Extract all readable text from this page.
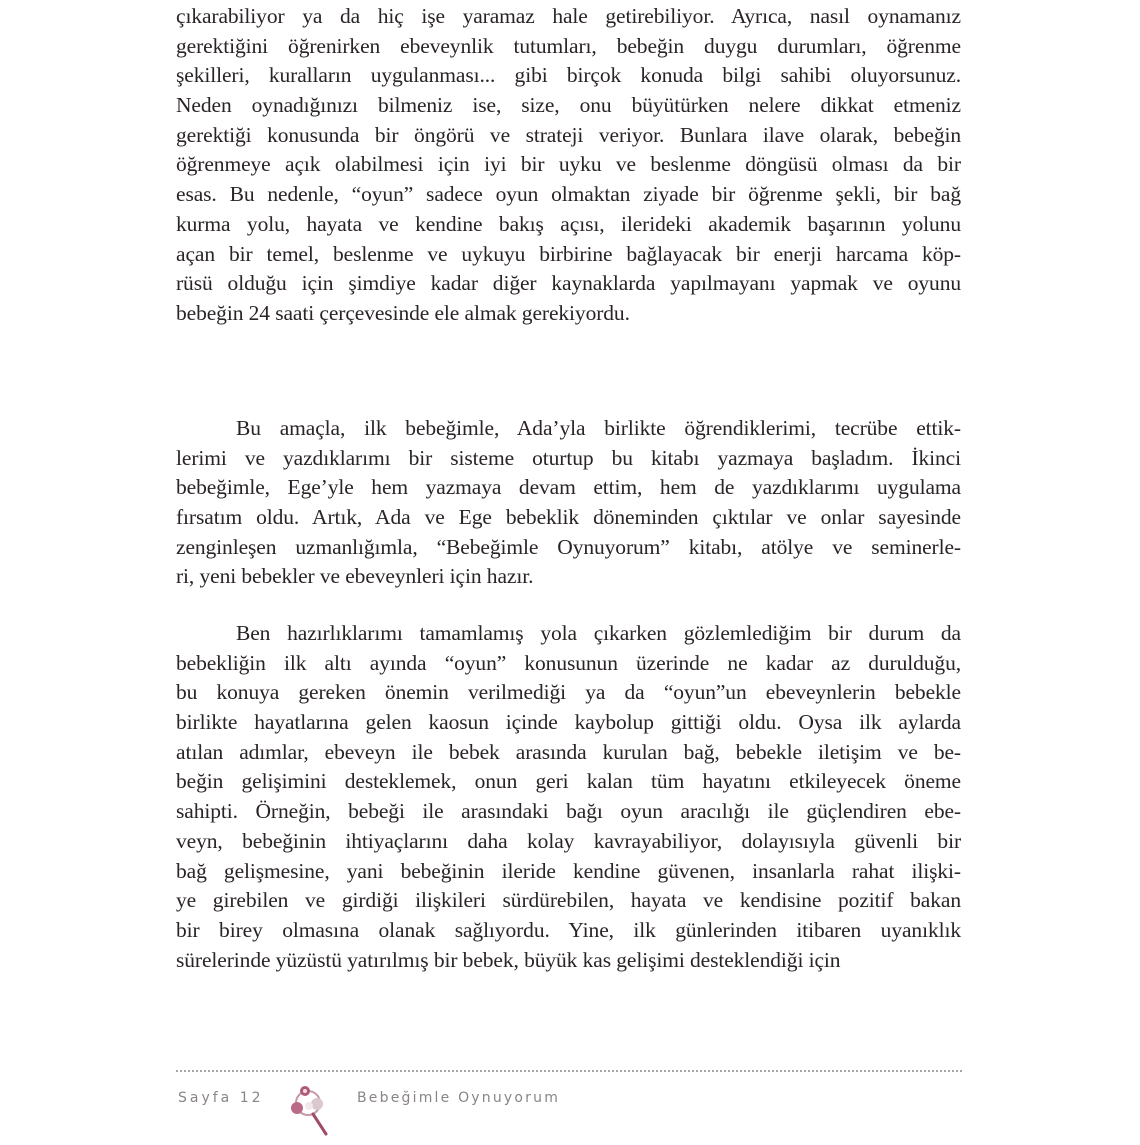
çıkarabiliyor ya da hiç işe yaramaz hale getirebiliyor. Ayrıca, nasıl oynamanız
gerektiğini öğrenirken ebeveynlik tutumları, bebeğin duygu durumları, öğrenme
şekilleri, kuralların uygulanması... gibi birçok konuda bilgi sahibi oluyorsunuz.
Neden oynadığınızı bilmeniz ise, size, onu büyütürken nelere dikkat etmeniz
gerektiği konusunda bir öngörü ve strateji veriyor. Bunlara ilave olarak, bebeğin
öğrenmeye açık olabilmesi için iyi bir uyku ve beslenme döngüsü olması da bir
esas. Bu nedenle, “oyun” sadece oyun olmaktan ziyade bir öğrenme şekli, bir bağ
kurma yolu, hayata ve kendine bakış açısı, ilerideki akademik başarının yolunu
açan bir temel, beslenme ve uykuyu birbirine bağlayacak bir enerji harcama köp-
rüsü olduğu için şimdiye kadar diğer kaynaklarda yapılmayanı yapmak ve oyunu
bebeğin 24 saati çerçevesinde ele almak gerekiyordu.
Bu amaçla, ilk bebeğimle, Ada’yla birlikte öğrendiklerimi, tecrübe ettik-
lerimi ve yazdıklarımı bir sisteme oturtup bu kitabı yazmaya başladım. İkinci
bebeğimle, Ege’yle hem yazmaya devam ettim, hem de yazdıklarımı uygulama
fırsatım oldu. Artık, Ada ve Ege bebeklik döneminden çıktılar ve onlar sayesinde
zenginleşen uzmanlığımla, “Bebeğimle Oynuyorum” kitabı, atölye ve seminerle-
ri, yeni bebekler ve ebeveynleri için hazır.
Ben hazırlıklarımı tamamlamış yola çıkarken gözlemlediğim bir durum da
bebekliğin ilk altı ayında “oyun” konusunun üzerinde ne kadar az durulduğu,
bu konuya gereken önemin verilmediği ya da “oyun”un ebeveynlerin bebekle
birlikte hayatlarına gelen kaosun içinde kaybolup gittiği oldu. Oysa ilk aylarda
atılan adımlar, ebeveyn ile bebek arasında kurulan bağ, bebekle iletişim ve be-
beğin gelişimini desteklemek, onun geri kalan tüm hayatını etkileyecek öneme
sahipti. Örneğin, bebeği ile arasındaki bağı oyun aracılığı ile güçlendiren ebe-
veyn, bebeğinin ihtiyaçlarını daha kolay kavrayabiliyor, dolayısıyla güvenli bir
bağ gelişmesine, yani bebeğinin ileride kendine güvenen, insanlarla rahat ilişki-
ye girebilen ve girdiği ilişkileri sürdürebilen, hayata ve kendisine pozitif bakan
bir birey olmasına olanak sağlıyordu. Yine, ilk günlerinden itibaren uyanıklık
sürelerinde yüzüstü yatırılmış bir bebek, büyük kas gelişimi desteklendiği için
Sayfa 12	Bebeğimle Oynuyorum
